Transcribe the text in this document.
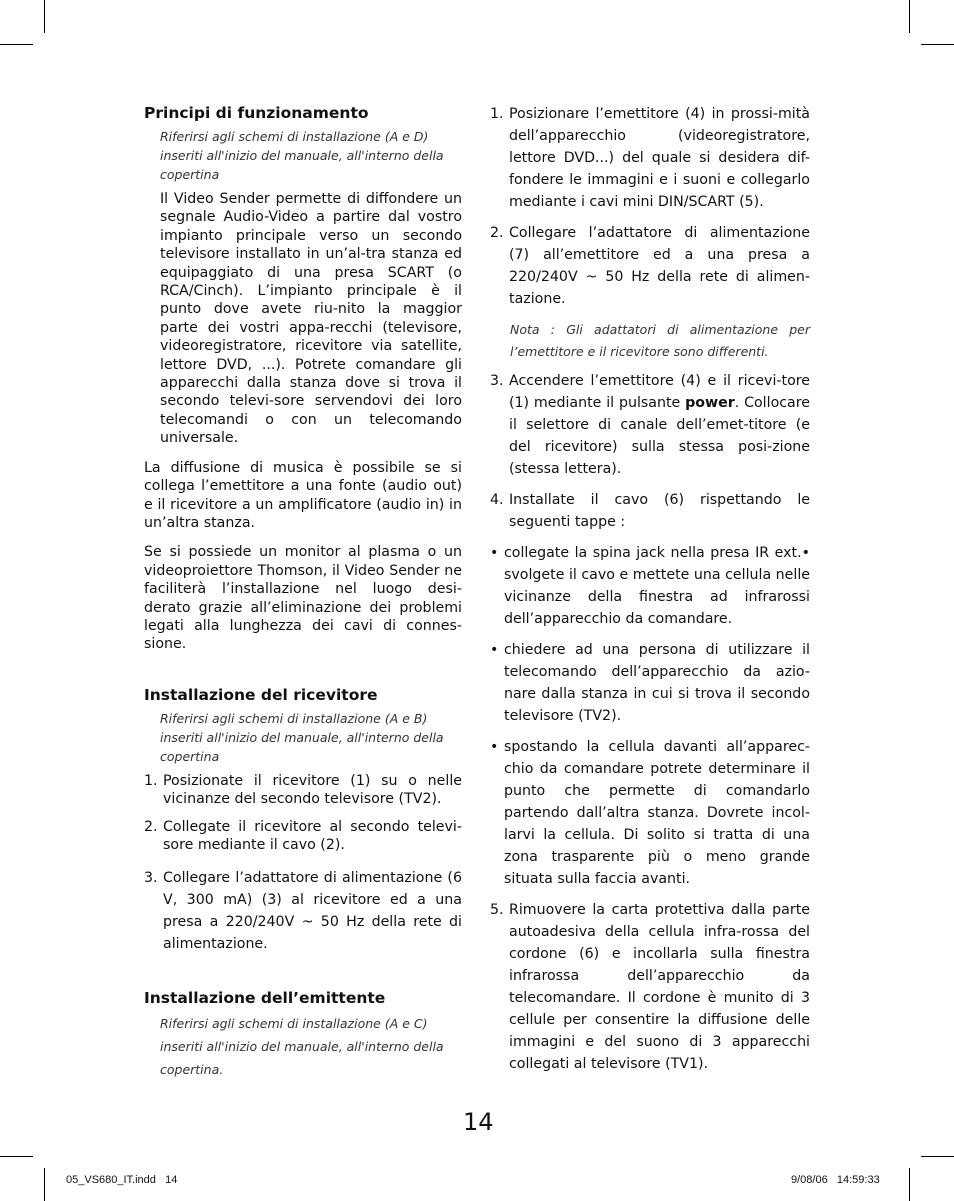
Principi di funzionamento
Riferirsi agli schemi di installazione (A e D) inseriti all'inizio del manuale, all'interno della copertina

Il Video Sender permette di diffondere un segnale Audio-Video a partire dal vostro impianto principale verso un secondo televisore installato in un’al-tra stanza ed equipaggiato di una presa SCART (o RCA/Cinch). L’impianto principale è il punto dove avete riu-nito la maggior parte dei vostri appa-recchi (televisore, videoregistratore, ricevitore via satellite, lettore DVD, ...). Potrete comandare gli apparecchi dalla stanza dove si trova il secondo televi-sore servendovi dei loro telecomandi o con un telecomando universale.

La diffusione di musica è possibile se si collega l’emettitore a una fonte (audio out) e il ricevitore a un amplificatore (audio in) in un’altra stanza.

Se si possiede un monitor al plasma o un videoproiettore Thomson, il Video Sender ne faciliterà l’installazione nel luogo desi-derato grazie all’eliminazione dei problemi legati alla lunghezza dei cavi di connes-sione.

Installazione del ricevitore
Riferirsi agli schemi di installazione (A e B) inseriti all'inizio del manuale, all'interno della copertina
1. Posizionate il ricevitore (1) su o nelle vicinanze del secondo televisore (TV2).
2. Collegate il ricevitore al secondo televi-sore mediante il cavo (2).
3. Collegare l’adattatore di alimentazione (6 V, 300 mA) (3) al ricevitore ed a una presa a 220/240V ~ 50 Hz della rete di alimentazione.
Installazione dell’emittente
Riferirsi agli schemi di installazione (A e C) inseriti all'inizio del manuale, all'interno della copertina.
1. Posizionare l’emettitore (4) in prossi-mità dell’apparecchio (videoregistratore, lettore DVD...) del quale si desidera dif-fondere le immagini e i suoni e collegarlo mediante i cavi mini DIN/SCART (5).
2. Collegare l’adattatore di alimentazione (7) all’emettitore ed a una presa a 220/240V ~ 50 Hz della rete di alimen-tazione.
Nota : Gli adattatori di alimentazione per l’emettitore e il ricevitore sono differenti.
3. Accendere l’emettitore (4) e il ricevi-tore (1) mediante il pulsante power. Collocare il selettore di canale dell’emet-titore (e del ricevitore) sulla stessa posi-zione (stessa lettera).
4. Installate il cavo (6) rispettando le seguenti tappe :
• collegate la spina jack nella presa IR ext.• svolgete il cavo e mettete una cellula nelle vicinanze della finestra ad infrarossi dell’apparecchio da comandare.
• chiedere ad una persona di utilizzare il telecomando dell’apparecchio da azio-nare dalla stanza in cui si trova il secondo televisore (TV2).
• spostando la cellula davanti all’apparec-chio da comandare potrete determinare il punto che permette di comandarlo partendo dall’altra stanza. Dovrete incol-larvi la cellula. Di solito si tratta di una zona trasparente più o meno grande situata sulla faccia avanti.
5. Rimuovere la carta protettiva dalla parte autoadesiva della cellula infra-rossa del cordone (6) e incollarla sulla finestra infrarossa dell’apparecchio da telecomandare. Il cordone è munito di 3 cellule per consentire la diffusione delle immagini e del suono di 3 apparecchi collegati al televisore (TV1).
14
05_VS680_IT.indd   14	9/08/06   14:59:33
